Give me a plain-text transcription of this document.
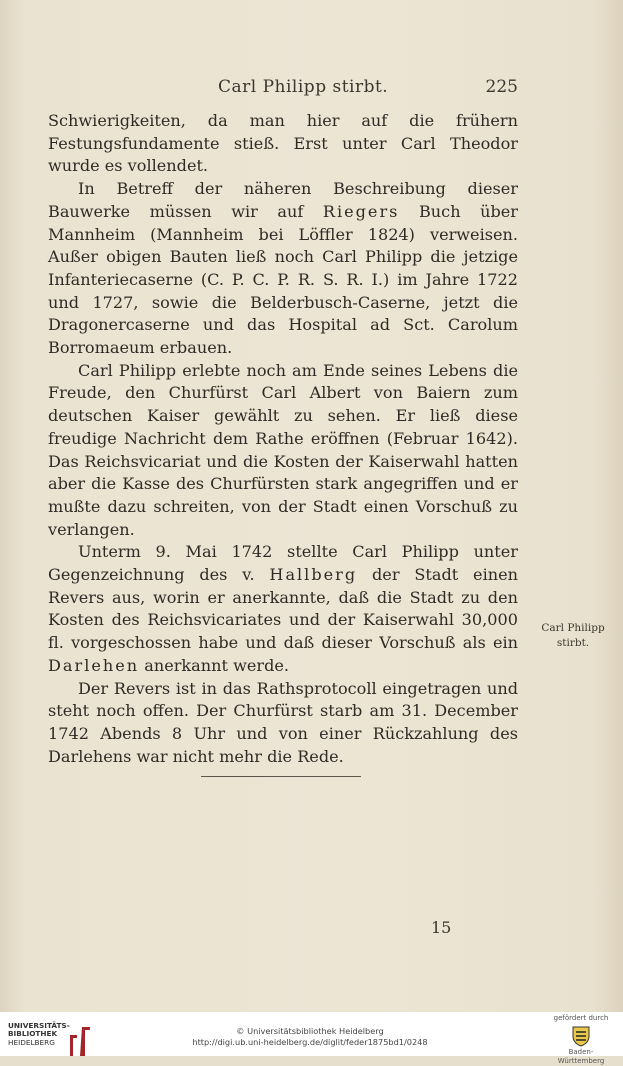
Carl Philipp stirbt.	225

Schwierigkeiten, da man hier auf die frühern Festungsfundamente stieß. Erst unter Carl Theodor wurde es vollendet.

In Betreff der näheren Beschreibung dieser Bauwerke müssen wir auf Riegers Buch über Mannheim (Mannheim bei Löffler 1824) verweisen. Außer obigen Bauten ließ noch Carl Philipp die jetzige Infanteriecaserne (C. P. C. P. R. S. R. I.) im Jahre 1722 und 1727, sowie die Belderbusch-Caserne, jetzt die Dragonercaserne und das Hospital ad Sct. Carolum Borromaeum erbauen.

Carl Philipp erlebte noch am Ende seines Lebens die Freude, den Churfürst Carl Albert von Baiern zum deutschen Kaiser gewählt zu sehen. Er ließ diese freudige Nachricht dem Rathe eröffnen (Februar 1642). Das Reichsvicariat und die Kosten der Kaiserwahl hatten aber die Kasse des Churfürsten stark angegriffen und er mußte dazu schreiten, von der Stadt einen Vorschuß zu verlangen.

Unterm 9. Mai 1742 stellte Carl Philipp unter Gegenzeichnung des v. Hallberg der Stadt einen Revers aus, worin er anerkannte, daß die Stadt zu den Kosten des Reichsvicariates und der Kaiserwahl 30,000 fl. vorgeschossen habe und daß dieser Vorschuß als ein Darlehen anerkannt werde.

Der Revers ist in das Rathsprotocoll eingetragen und steht noch offen. Der Churfürst starb am 31. December 1742 Abends 8 Uhr und von einer Rückzahlung des Darlehens war nicht mehr die Rede.

Carl Philipp
stirbt.
15
UNIVERSITÄTS-
BIBLIOTHEK
HEIDELBERG
© Universitätsbibliothek Heidelberg
http://digi.ub.uni-heidelberg.de/diglit/feder1875bd1/0248
gefördert durch
Baden-Württemberg
